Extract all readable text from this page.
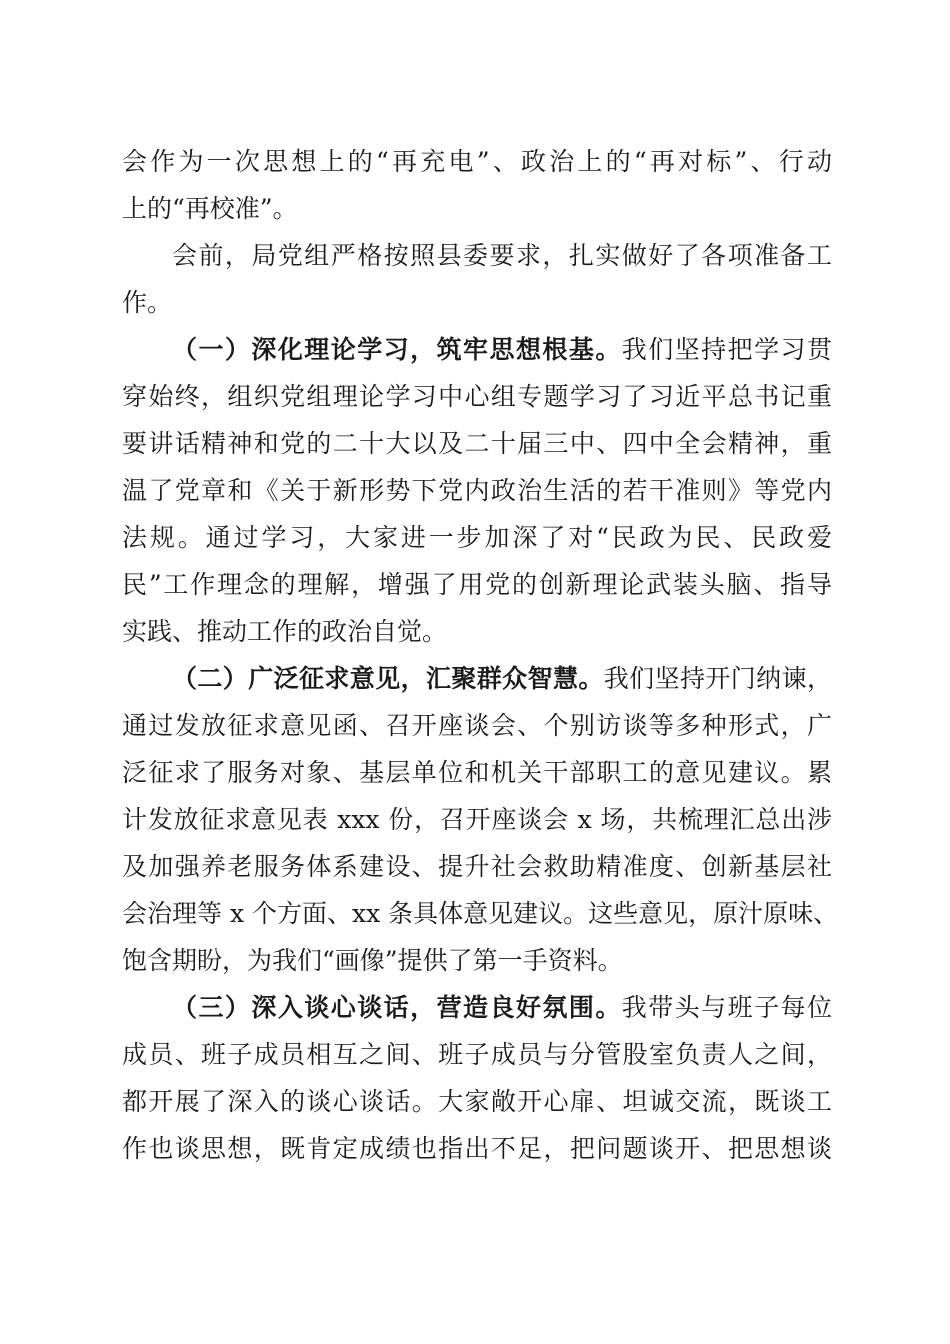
会作为一次思想上的“再充电”、政治上的“再对标”、行动
上的“再校准”。
会前，局党组严格按照县委要求，扎实做好了各项准备工
作。
（一）深化理论学习，筑牢思想根基。我们坚持把学习贯
穿始终，组织党组理论学习中心组专题学习了习近平总书记重
要讲话精神和党的二十大以及二十届三中、四中全会精神，重
温了党章和《关于新形势下党内政治生活的若干准则》等党内
法规。通过学习，大家进一步加深了对“民政为民、民政爱
民”工作理念的理解，增强了用党的创新理论武装头脑、指导
实践、推动工作的政治自觉。
（二）广泛征求意见，汇聚群众智慧。我们坚持开门纳谏，
通过发放征求意见函、召开座谈会、个别访谈等多种形式，广
泛征求了服务对象、基层单位和机关干部职工的意见建议。累
计发放征求意见表 xxx 份，召开座谈会 x 场，共梳理汇总出涉
及加强养老服务体系建设、提升社会救助精准度、创新基层社
会治理等 x 个方面、xx 条具体意见建议。这些意见，原汁原味、
饱含期盼，为我们“画像”提供了第一手资料。
（三）深入谈心谈话，营造良好氛围。我带头与班子每位
成员、班子成员相互之间、班子成员与分管股室负责人之间，
都开展了深入的谈心谈话。大家敞开心扉、坦诚交流，既谈工
作也谈思想，既肯定成绩也指出不足，把问题谈开、把思想谈
